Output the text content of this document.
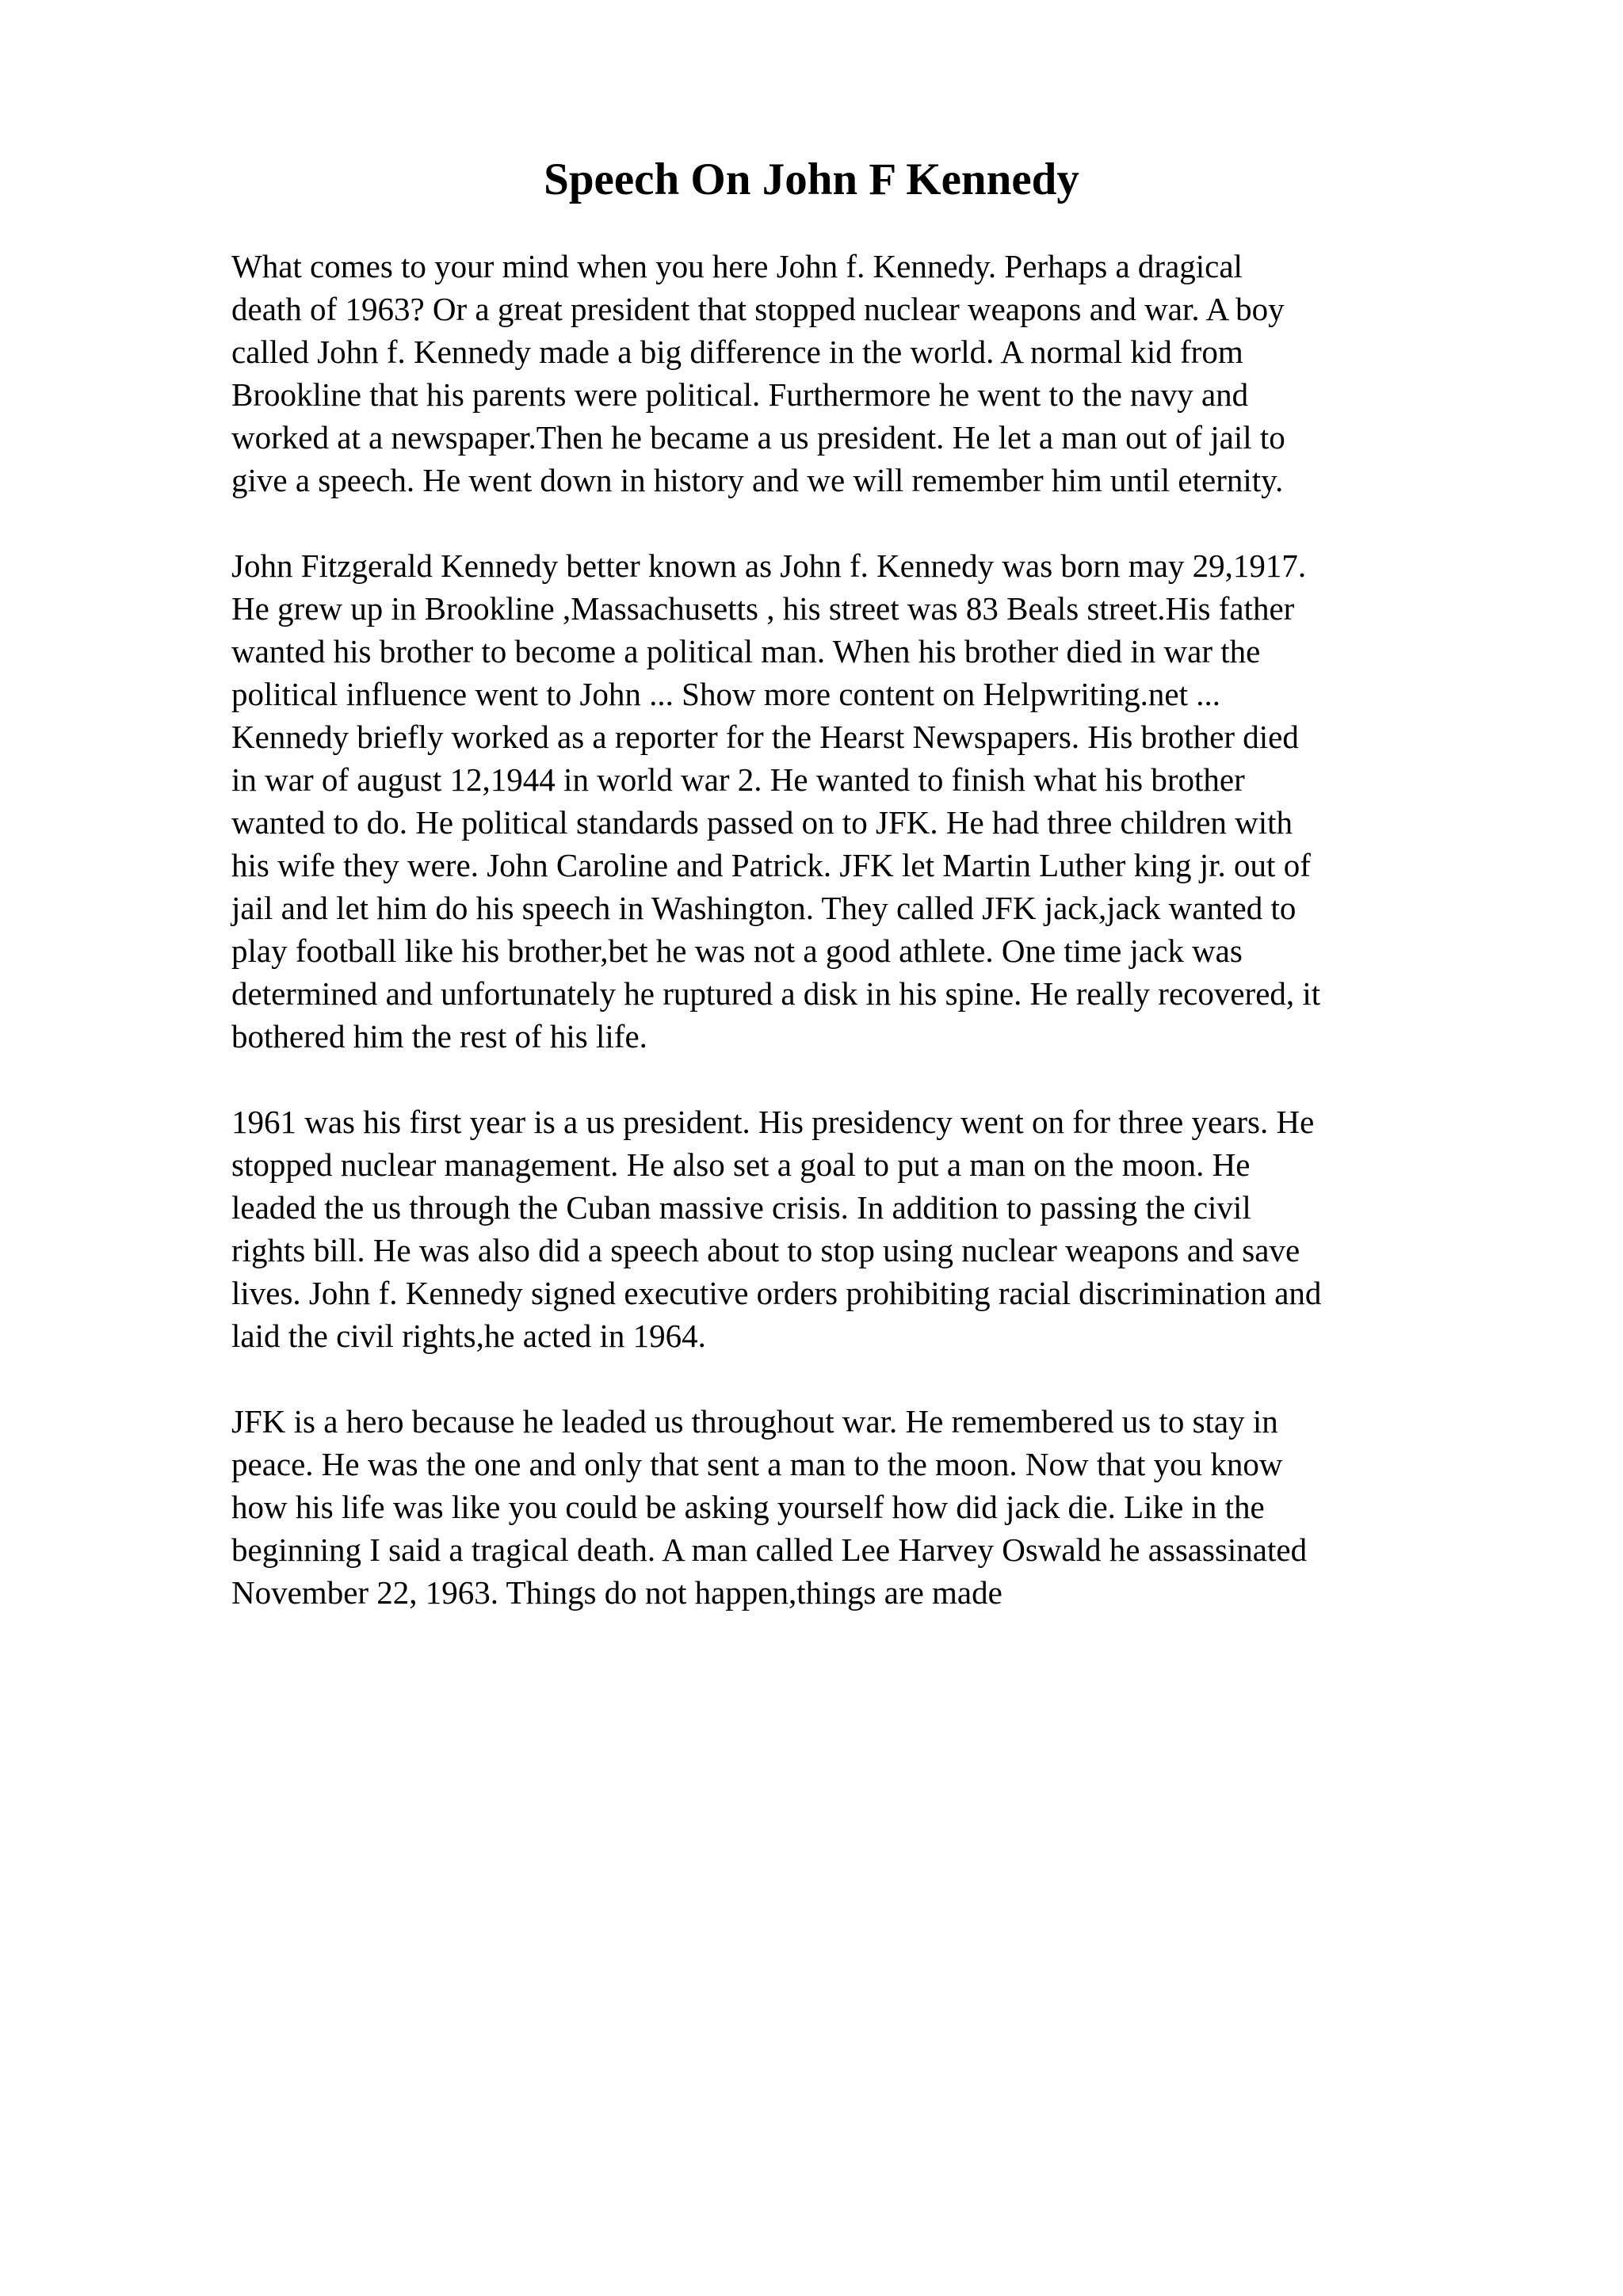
Speech On John F Kennedy

What comes to your mind when you here John f. Kennedy. Perhaps a dragical
death of 1963? Or a great president that stopped nuclear weapons and war. A boy
called John f. Kennedy made a big difference in the world. A normal kid from
Brookline that his parents were political. Furthermore he went to the navy and
worked at a newspaper.Then he became a us president. He let a man out of jail to
give a speech. He went down in history and we will remember him until eternity.

John Fitzgerald Kennedy better known as John f. Kennedy was born may 29,1917.
He grew up in Brookline ,Massachusetts , his street was 83 Beals street.His father
wanted his brother to become a political man. When his brother died in war the
political influence went to John ... Show more content on Helpwriting.net ...
Kennedy briefly worked as a reporter for the Hearst Newspapers. His brother died
in war of august 12,1944 in world war 2. He wanted to finish what his brother
wanted to do. He political standards passed on to JFK. He had three children with
his wife they were. John Caroline and Patrick. JFK let Martin Luther king jr. out of
jail and let him do his speech in Washington. They called JFK jack,jack wanted to
play football like his brother,bet he was not a good athlete. One time jack was
determined and unfortunately he ruptured a disk in his spine. He really recovered, it
bothered him the rest of his life.

1961 was his first year is a us president. His presidency went on for three years. He
stopped nuclear management. He also set a goal to put a man on the moon. He
leaded the us through the Cuban massive crisis. In addition to passing the civil
rights bill. He was also did a speech about to stop using nuclear weapons and save
lives. John f. Kennedy signed executive orders prohibiting racial discrimination and
laid the civil rights,he acted in 1964.

JFK is a hero because he leaded us throughout war. He remembered us to stay in
peace. He was the one and only that sent a man to the moon. Now that you know
how his life was like you could be asking yourself how did jack die. Like in the
beginning I said a tragical death. A man called Lee Harvey Oswald he assassinated
November 22, 1963. Things do not happen,things are made
